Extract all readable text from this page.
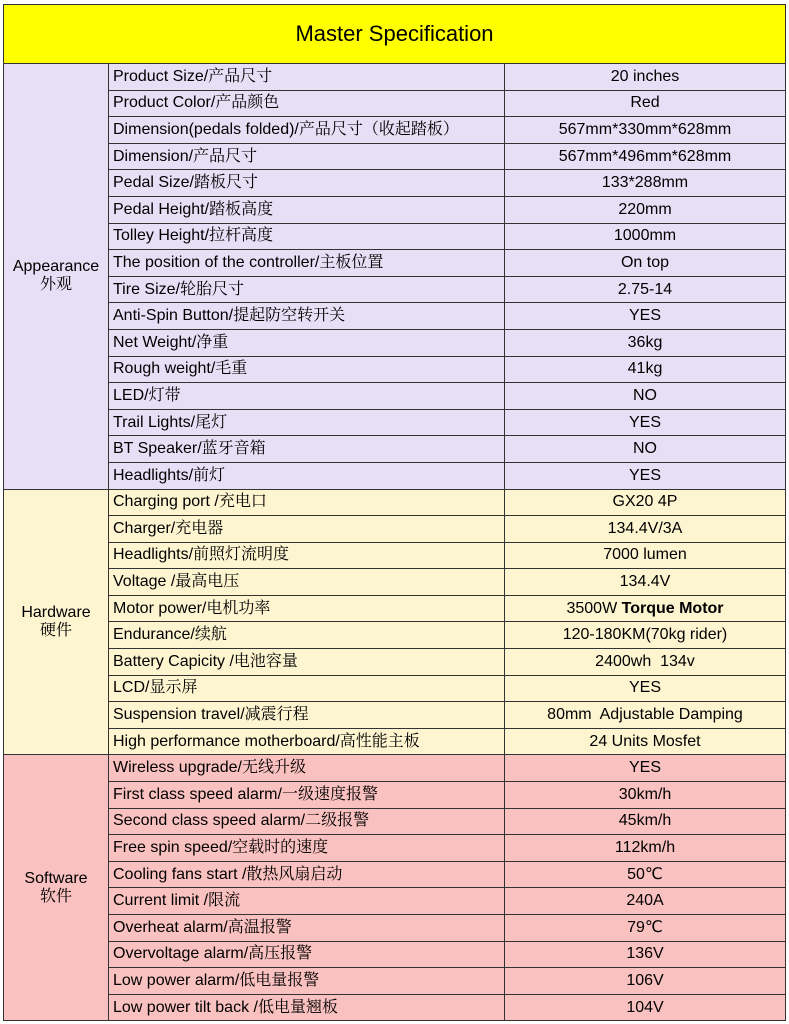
Master Specification		

Appearance
外观	Product Size/产品尺寸	20 inches
	Product Color/产品颜色	Red
	Dimension(pedals folded)/产品尺寸（收起踏板）	567mm*330mm*628mm
	Dimension/产品尺寸	567mm*496mm*628mm
	Pedal Size/踏板尺寸	133*288mm
	Pedal Height/踏板高度	220mm
	Tolley Height/拉杆高度	1000mm
	The position of the controller/主板位置	On top
	Tire Size/轮胎尺寸	2.75-14
	Anti-Spin Button/提起防空转开关	YES
	Net Weight/净重	36kg
	Rough weight/毛重	41kg
	LED/灯带	NO
	Trail Lights/尾灯	YES
	BT Speaker/蓝牙音箱	NO
	Headlights/前灯	YES

Hardware
硬件	Charging port /充电口	GX20 4P
	Charger/充电器	134.4V/3A
	Headlights/前照灯流明度	7000 lumen
	Voltage /最高电压	134.4V
	Motor power/电机功率	3500W Torque Motor
	Endurance/续航	120-180KM(70kg rider)
	Battery Capicity /电池容量	2400wh  134v
	LCD/显示屏	YES
	Suspension travel/减震行程	80mm  Adjustable Damping
	High performance motherboard/高性能主板	24 Units Mosfet

Software
软件	Wireless upgrade/无线升级	YES
	First class speed alarm/一级速度报警	30km/h
	Second class speed alarm/二级报警	45km/h
	Free spin speed/空载时的速度	112km/h
	Cooling fans start /散热风扇启动	50℃
	Current limit /限流	240A
	Overheat alarm/高温报警	79℃
	Overvoltage alarm/高压报警	136V
	Low power alarm/低电量报警	106V
	Low power tilt back /低电量翘板	104V
